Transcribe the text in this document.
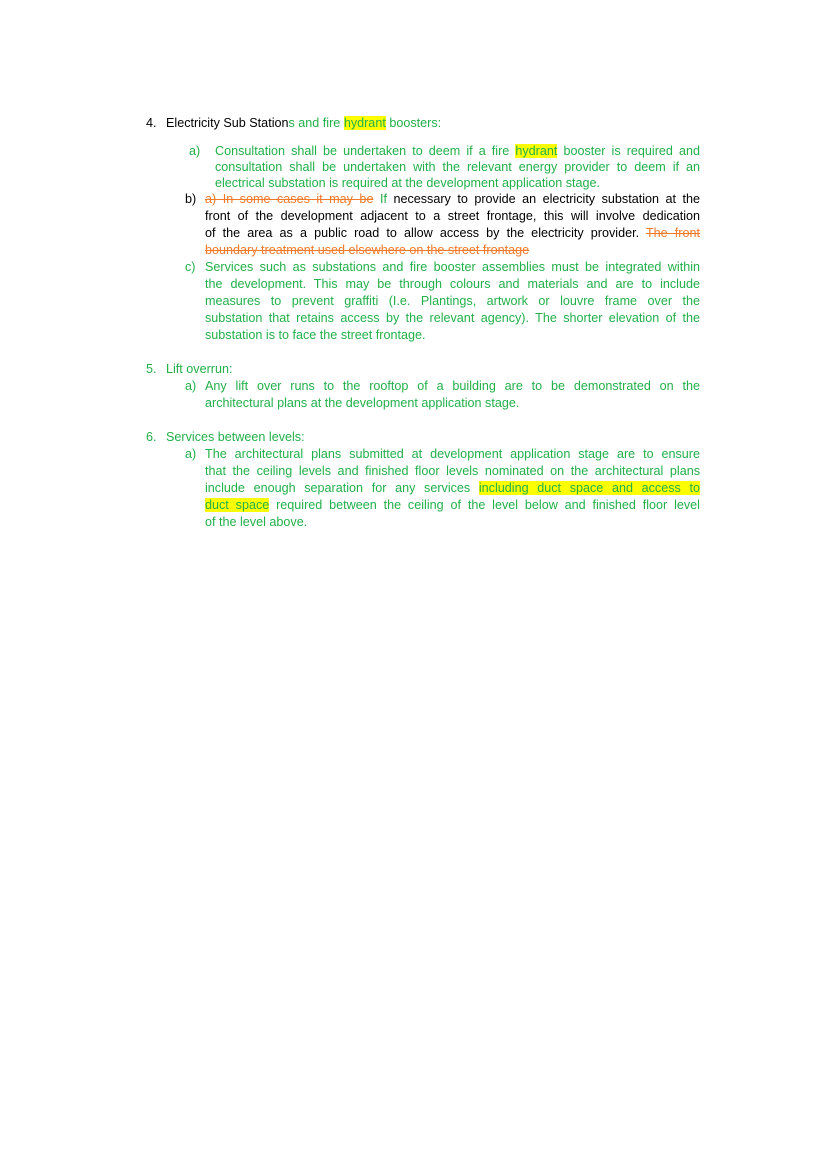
4. Electricity Sub Stations and fire hydrant boosters:
a) Consultation shall be undertaken to deem if a fire hydrant booster is required and
consultation shall be undertaken with the relevant energy provider to deem if an
electrical substation is required at the development application stage.
b) a) In some cases it may be If necessary to provide an electricity substation at the
front of the development adjacent to a street frontage, this will involve dedication
of the area as a public road to allow access by the electricity provider. The front
boundary treatment used elsewhere on the street frontage
c) Services such as substations and fire booster assemblies must be integrated within
the development. This may be through colours and materials and are to include
measures to prevent graffiti (I.e. Plantings, artwork or louvre frame over the
substation that retains access by the relevant agency). The shorter elevation of the
substation is to face the street frontage.
5. Lift overrun:
a) Any lift over runs to the rooftop of a building are to be demonstrated on the
architectural plans at the development application stage.
6. Services between levels:
a) The architectural plans submitted at development application stage are to ensure
that the ceiling levels and finished floor levels nominated on the architectural plans
include enough separation for any services including duct space and access to
duct space required between the ceiling of the level below and finished floor level
of the level above.
